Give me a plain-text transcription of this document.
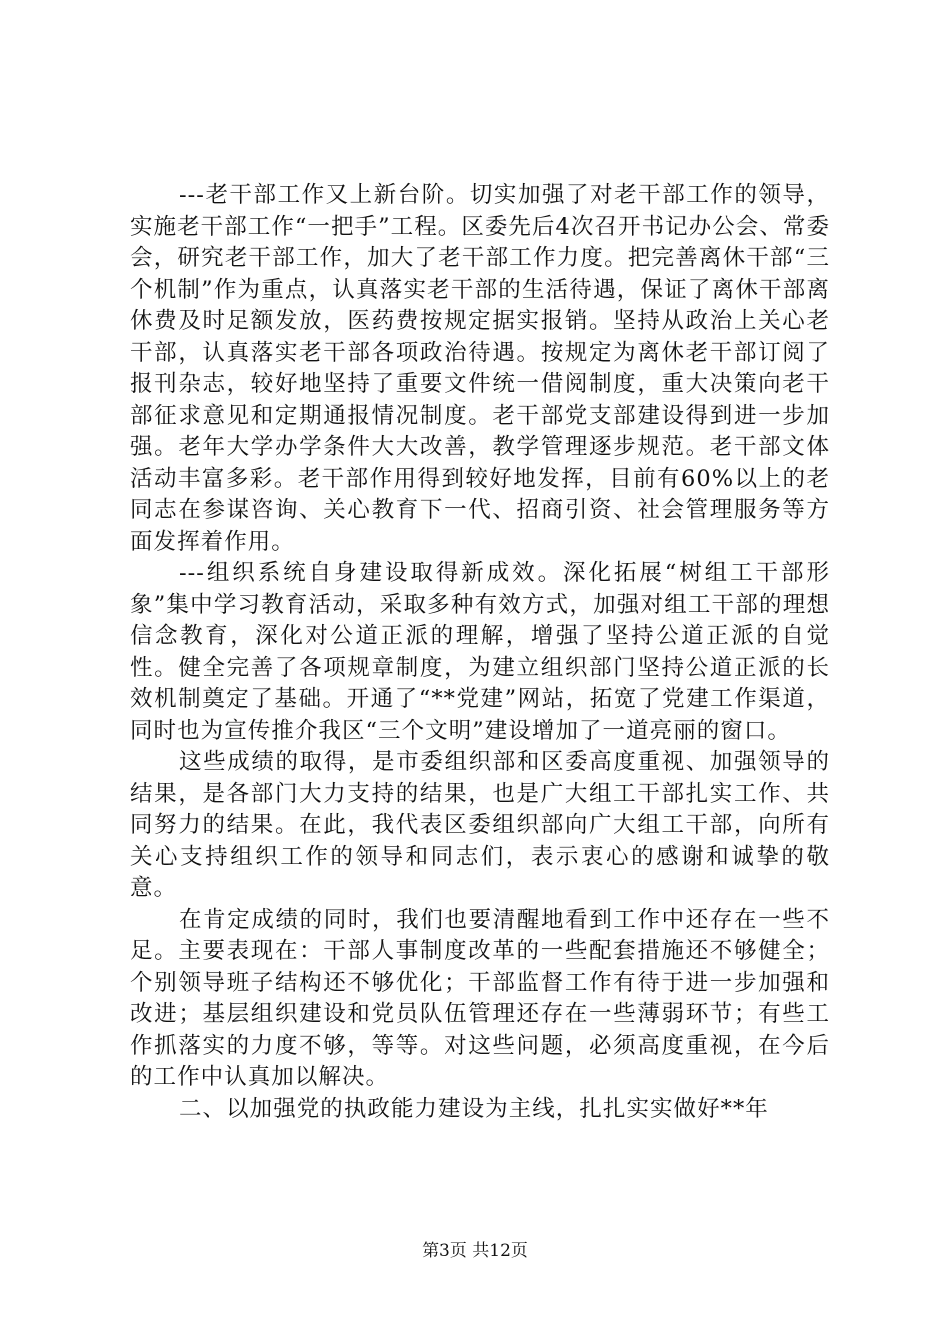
---老干部工作又上新台阶。切实加强了对老干部工作的领导，实施老干部工作“一把手”工程。区委先后4次召开书记办公会、常委会，研究老干部工作，加大了老干部工作力度。把完善离休干部“三个机制”作为重点，认真落实老干部的生活待遇，保证了离休干部离休费及时足额发放，医药费按规定据实报销。坚持从政治上关心老干部，认真落实老干部各项政治待遇。按规定为离休老干部订阅了报刊杂志，较好地坚持了重要文件统一借阅制度，重大决策向老干部征求意见和定期通报情况制度。老干部党支部建设得到进一步加强。老年大学办学条件大大改善，教学管理逐步规范。老干部文体活动丰富多彩。老干部作用得到较好地发挥，目前有60%以上的老同志在参谋咨询、关心教育下一代、招商引资、社会管理服务等方面发挥着作用。

---组织系统自身建设取得新成效。深化拓展“树组工干部形象”集中学习教育活动，采取多种有效方式，加强对组工干部的理想信念教育，深化对公道正派的理解，增强了坚持公道正派的自觉性。健全完善了各项规章制度，为建立组织部门坚持公道正派的长效机制奠定了基础。开通了“**党建”网站，拓宽了党建工作渠道，同时也为宣传推介我区“三个文明”建设增加了一道亮丽的窗口。

这些成绩的取得，是市委组织部和区委高度重视、加强领导的结果，是各部门大力支持的结果，也是广大组工干部扎实工作、共同努力的结果。在此，我代表区委组织部向广大组工干部，向所有关心支持组织工作的领导和同志们，表示衷心的感谢和诚挚的敬意。

在肯定成绩的同时，我们也要清醒地看到工作中还存在一些不足。主要表现在：干部人事制度改革的一些配套措施还不够健全；个别领导班子结构还不够优化；干部监督工作有待于进一步加强和改进；基层组织建设和党员队伍管理还存在一些薄弱环节；有些工作抓落实的力度不够，等等。对这些问题，必须高度重视，在今后的工作中认真加以解决。

二、以加强党的执政能力建设为主线，扎扎实实做好**年

第3页 共12页
